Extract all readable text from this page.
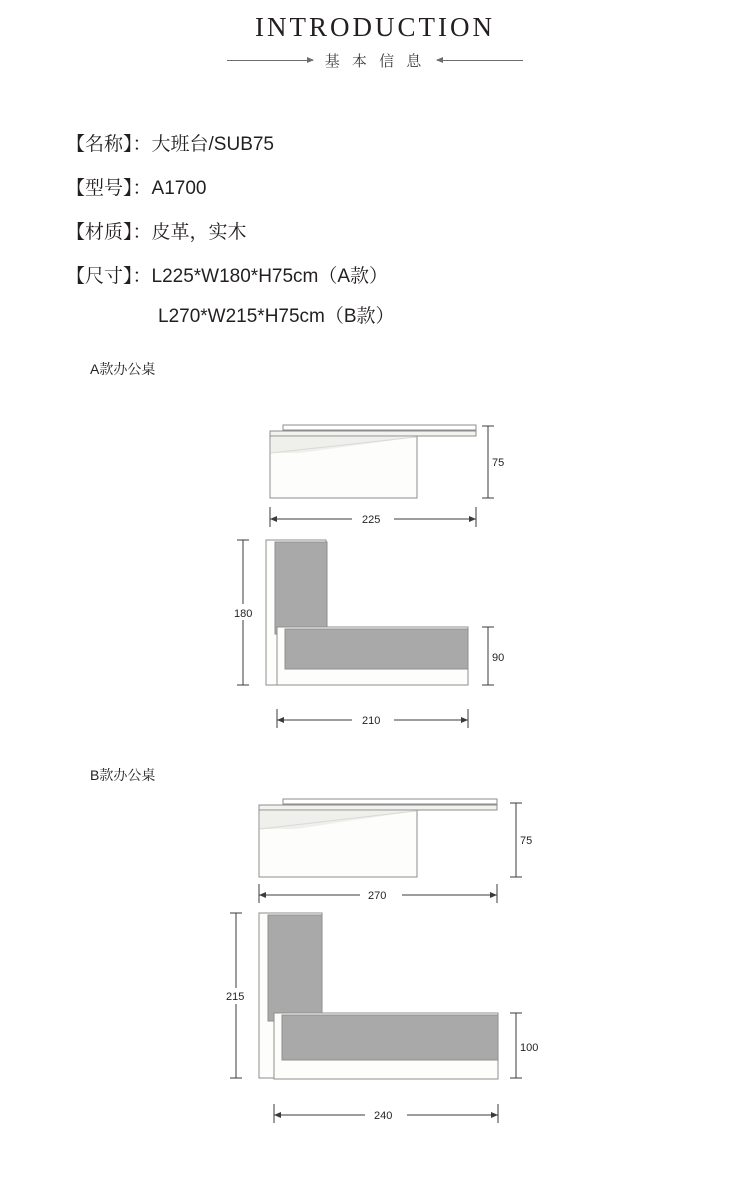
INTRODUCTION
基 本 信 息
【名称】：大班台/SUB75
【型号】：A1700
【材质】：皮革，实木
【尺寸】：L225*W180*H75cm（A款）
L270*W215*H75cm（B款）
A款办公桌
75
225
180
90
210
B款办公桌
75
270
215
100
240
